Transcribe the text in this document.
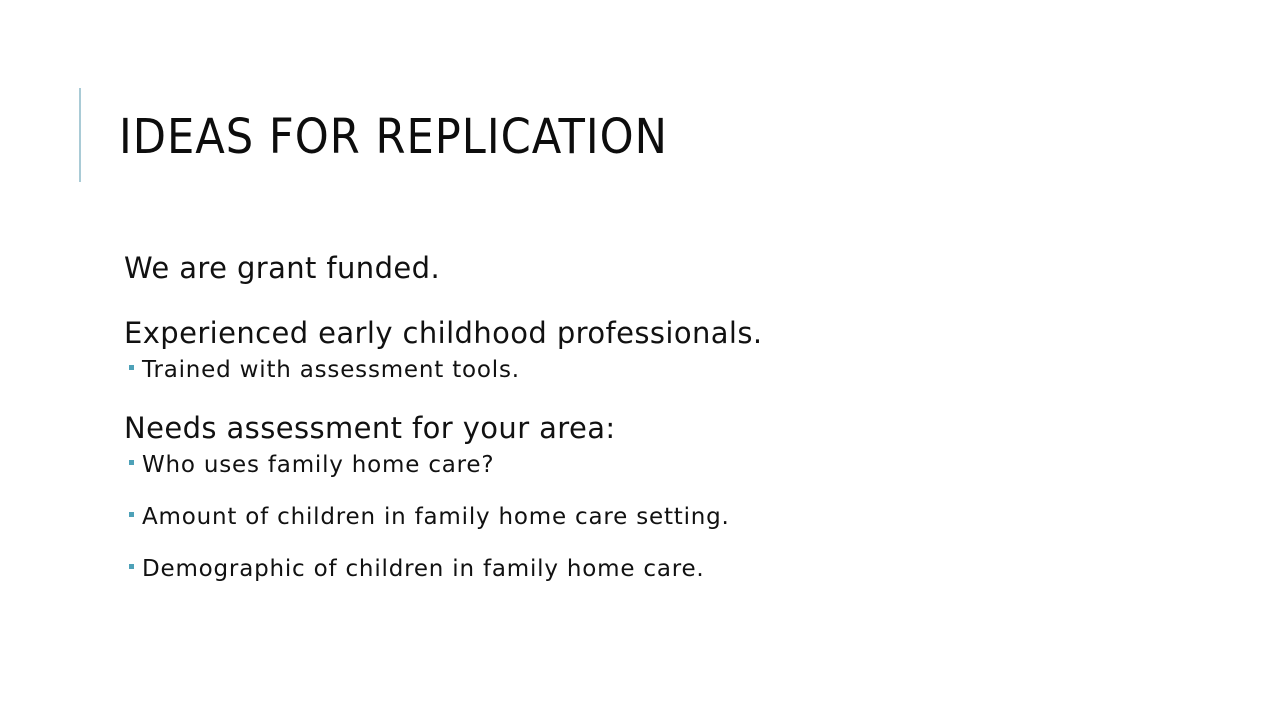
IDEAS FOR REPLICATION
We are grant funded.
Experienced early childhood professionals.
Trained with assessment tools.
Needs assessment for your area:
Who uses family home care?
Amount of children in family home care setting.
Demographic of children in family home care.
